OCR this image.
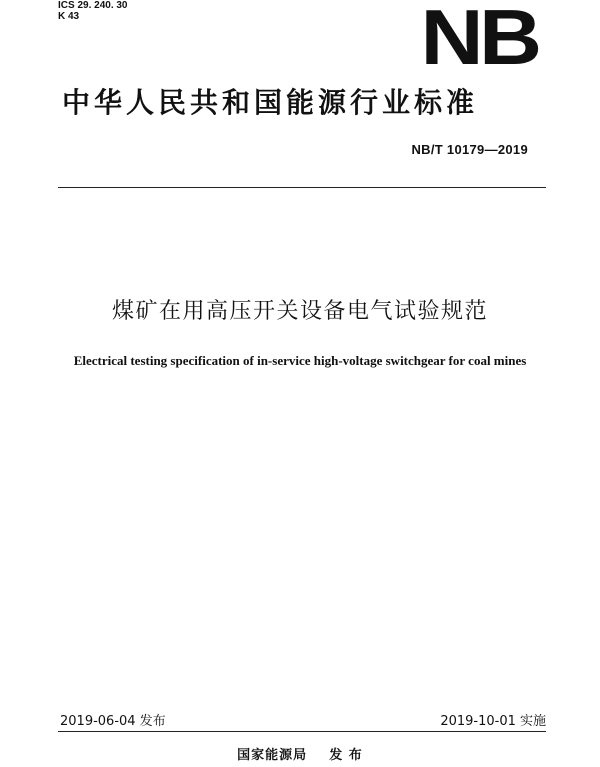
ICS 29. 240. 30
K 43	NB
中华人民共和国能源行业标准
NB/T 10179—2019
煤矿在用高压开关设备电气试验规范
Electrical testing specification of in-service high-voltage switchgear for coal mines
2019-06-04 发布	2019-10-01 实施
国家能源局    发 布
